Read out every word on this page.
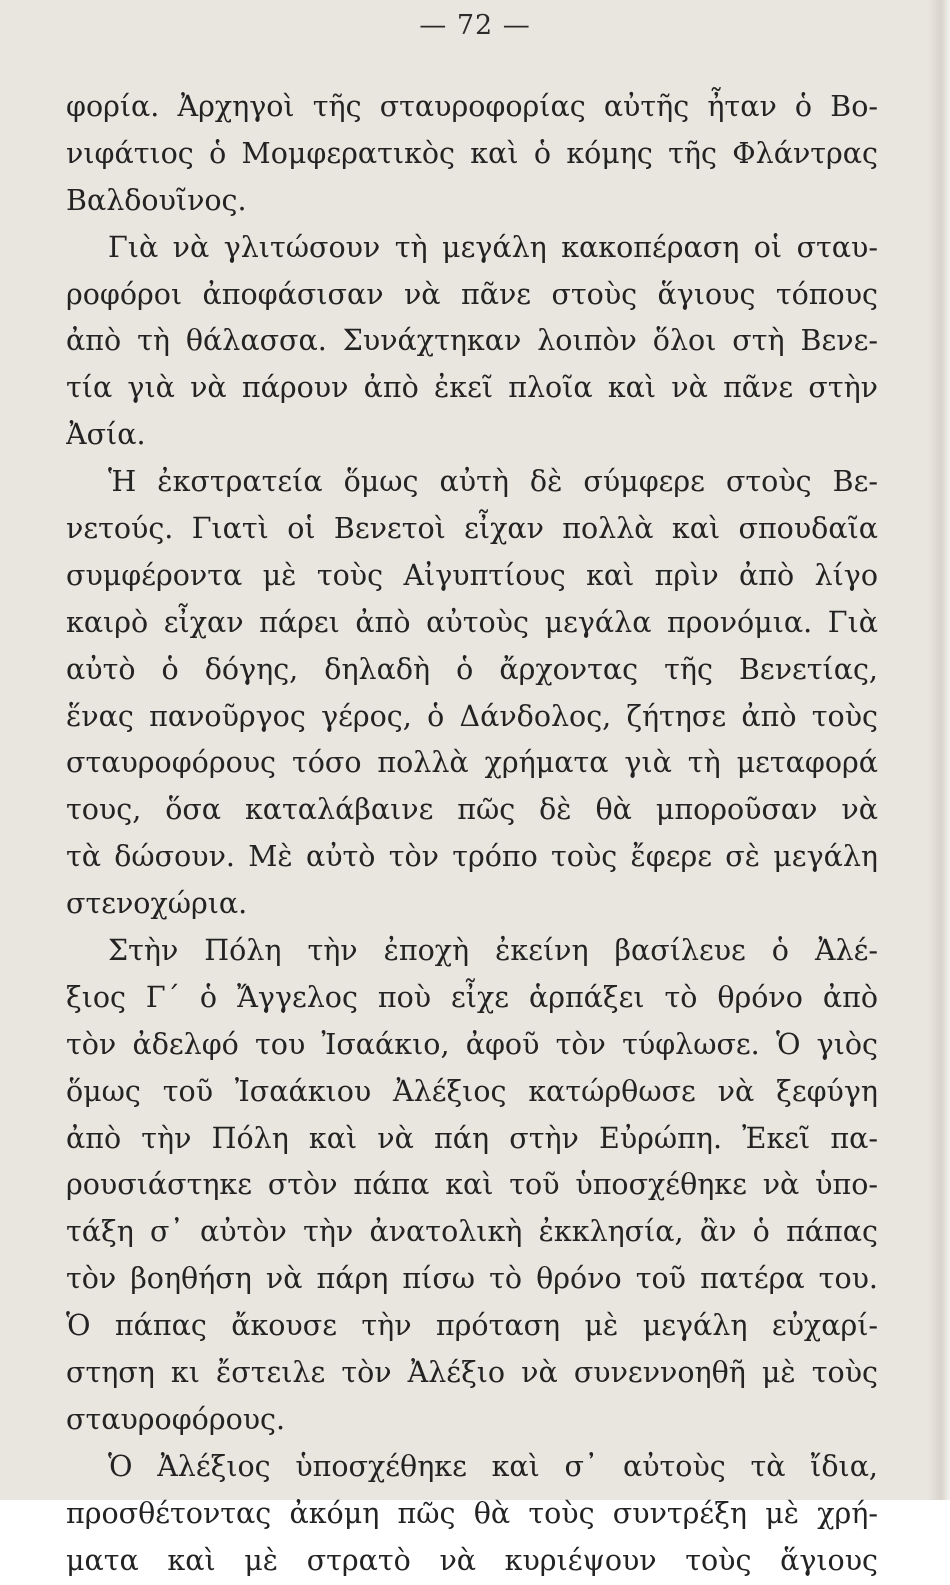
— 72 —
φορία. Ἀρχηγοὶ τῆς σταυροφορίας αὐτῆς ἦταν ὁ Βο-
νιφάτιος ὁ Μομφερατικὸς καὶ ὁ κόμης τῆς Φλάντρας
Βαλδουῖνος.
Γιὰ νὰ γλιτώσουν τὴ μεγάλη κακοπέραση οἱ σταυ-
ροφόροι ἀποφάσισαν νὰ πᾶνε στοὺς ἅγιους τόπους
ἀπὸ τὴ θάλασσα. Συνάχτηκαν λοιπὸν ὅλοι στὴ Βενε-
τία γιὰ νὰ πάρουν ἀπὸ ἐκεῖ πλοῖα καὶ νὰ πᾶνε στὴν
Ἀσία.
Ἡ ἐκστρατεία ὅμως αὐτὴ δὲ σύμφερε στοὺς Βε-
νετούς. Γιατὶ οἱ Βενετοὶ εἶχαν πολλὰ καὶ σπουδαῖα
συμφέροντα μὲ τοὺς Αἰγυπτίους καὶ πρὶν ἀπὸ λίγο
καιρὸ εἶχαν πάρει ἀπὸ αὐτοὺς μεγάλα προνόμια. Γιὰ
αὐτὸ ὁ δόγης, δηλαδὴ ὁ ἄρχοντας τῆς Βενετίας,
ἕνας πανοῦργος γέρος, ὁ Δάνδολος, ζήτησε ἀπὸ τοὺς
σταυροφόρους τόσο πολλὰ χρήματα γιὰ τὴ μεταφορά
τους, ὅσα καταλάβαινε πῶς δὲ θὰ μποροῦσαν νὰ
τὰ δώσουν. Μὲ αὐτὸ τὸν τρόπο τοὺς ἔφερε σὲ μεγάλη
στενοχώρια.
Στὴν Πόλη τὴν ἐποχὴ ἐκείνη βασίλευε ὁ Ἀλέ-
ξιος Γ΄ ὁ Ἄγγελος ποὺ εἶχε ἁρπάξει τὸ θρόνο ἀπὸ
τὸν ἀδελφό του Ἰσαάκιο, ἀφοῦ τὸν τύφλωσε. Ὁ γιὸς
ὅμως τοῦ Ἰσαάκιου Ἀλέξιος κατώρθωσε νὰ ξεφύγη
ἀπὸ τὴν Πόλη καὶ νὰ πάη στὴν Εὐρώπη. Ἐκεῖ πα-
ρουσιάστηκε στὸν πάπα καὶ τοῦ ὑποσχέθηκε νὰ ὑπο-
τάξη σ᾽ αὐτὸν τὴν ἀνατολικὴ ἐκκλησία, ἂν ὁ πάπας
τὸν βοηθήση νὰ πάρη πίσω τὸ θρόνο τοῦ πατέρα του.
Ὁ πάπας ἄκουσε τὴν πρόταση μὲ μεγάλη εὐχαρί-
στηση κι ἔστειλε τὸν Ἀλέξιο νὰ συνεννοηθῆ μὲ τοὺς
σταυροφόρους.
Ὁ Ἀλέξιος ὑποσχέθηκε καὶ σ᾽ αὐτοὺς τὰ ἴδια,
προσθέτοντας ἀκόμη πῶς θὰ τοὺς συντρέξη μὲ χρή-
ματα καὶ μὲ στρατὸ νὰ κυριέψουν τοὺς ἅγιους
